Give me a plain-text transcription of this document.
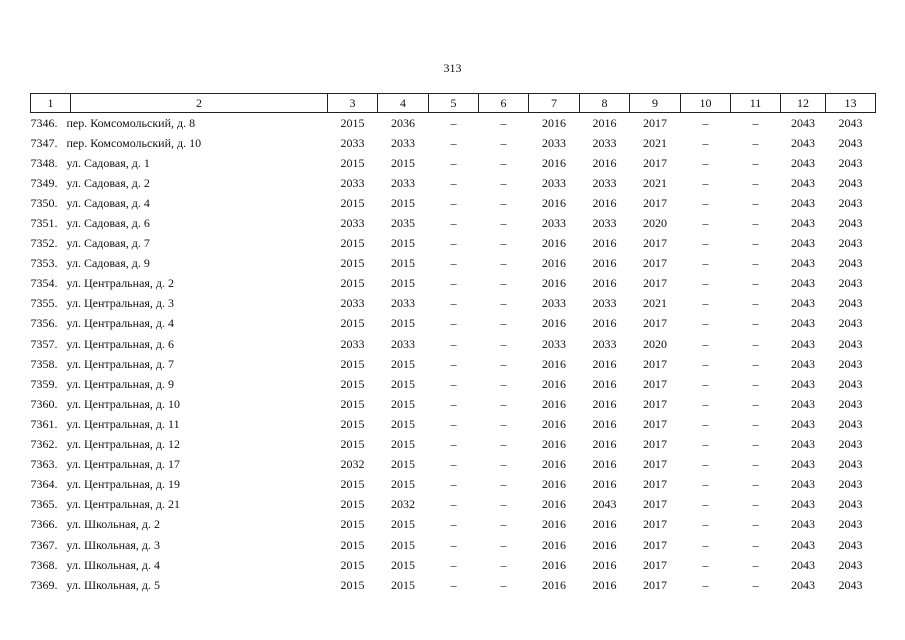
313
1	2	3	4	5	6	7	8	9	10	11	12	13
7346. пер. Комсомольский, д. 8		2015	2036	–	–	2016	2016	2017	–	–	2043	2043
7347. пер. Комсомольский, д. 10		2033	2033	–	–	2033	2033	2021	–	–	2043	2043
7348. ул. Садовая, д. 1		2015	2015	–	–	2016	2016	2017	–	–	2043	2043
7349. ул. Садовая, д. 2		2033	2033	–	–	2033	2033	2021	–	–	2043	2043
7350. ул. Садовая, д. 4		2015	2015	–	–	2016	2016	2017	–	–	2043	2043
7351. ул. Садовая, д. 6		2033	2035	–	–	2033	2033	2020	–	–	2043	2043
7352. ул. Садовая, д. 7		2015	2015	–	–	2016	2016	2017	–	–	2043	2043
7353. ул. Садовая, д. 9		2015	2015	–	–	2016	2016	2017	–	–	2043	2043
7354. ул. Центральная, д. 2		2015	2015	–	–	2016	2016	2017	–	–	2043	2043
7355. ул. Центральная, д. 3		2033	2033	–	–	2033	2033	2021	–	–	2043	2043
7356. ул. Центральная, д. 4		2015	2015	–	–	2016	2016	2017	–	–	2043	2043
7357. ул. Центральная, д. 6		2033	2033	–	–	2033	2033	2020	–	–	2043	2043
7358. ул. Центральная, д. 7		2015	2015	–	–	2016	2016	2017	–	–	2043	2043
7359. ул. Центральная, д. 9		2015	2015	–	–	2016	2016	2017	–	–	2043	2043
7360. ул. Центральная, д. 10		2015	2015	–	–	2016	2016	2017	–	–	2043	2043
7361. ул. Центральная, д. 11		2015	2015	–	–	2016	2016	2017	–	–	2043	2043
7362. ул. Центральная, д. 12		2015	2015	–	–	2016	2016	2017	–	–	2043	2043
7363. ул. Центральная, д. 17		2032	2015	–	–	2016	2016	2017	–	–	2043	2043
7364. ул. Центральная, д. 19		2015	2015	–	–	2016	2016	2017	–	–	2043	2043
7365. ул. Центральная, д. 21		2015	2032	–	–	2016	2043	2017	–	–	2043	2043
7366. ул. Школьная, д. 2		2015	2015	–	–	2016	2016	2017	–	–	2043	2043
7367. ул. Школьная, д. 3		2015	2015	–	–	2016	2016	2017	–	–	2043	2043
7368. ул. Школьная, д. 4		2015	2015	–	–	2016	2016	2017	–	–	2043	2043
7369. ул. Школьная, д. 5		2015	2015	–	–	2016	2016	2017	–	–	2043	2043
